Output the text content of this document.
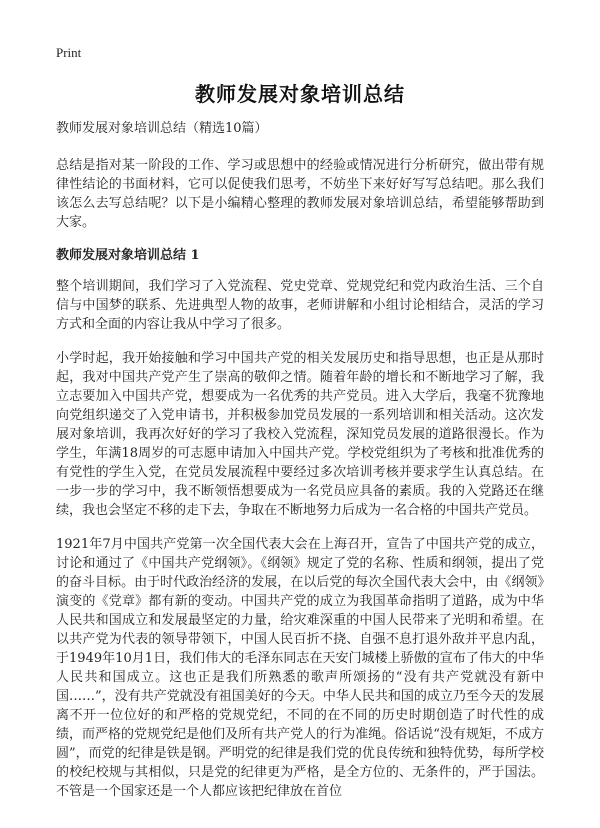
Print
教师发展对象培训总结
教师发展对象培训总结（精选10篇）

总结是指对某一阶段的工作、学习或思想中的经验或情况进行分析研究，做出带有规律性结论的书面材料，它可以促使我们思考，不妨坐下来好好写写总结吧。那么我们该怎么去写总结呢？以下是小编精心整理的教师发展对象培训总结，希望能够帮助到大家。

教师发展对象培训总结 1

整个培训期间，我们学习了入党流程、党史党章、党规党纪和党内政治生活、三个自信与中国梦的联系、先进典型人物的故事，老师讲解和小组讨论相结合，灵活的学习方式和全面的内容让我从中学习了很多。

小学时起，我开始接触和学习中国共产党的相关发展历史和指导思想，也正是从那时起，我对中国共产党产生了崇高的敬仰之情。随着年龄的增长和不断地学习了解，我立志要加入中国共产党，想要成为一名优秀的共产党员。进入大学后，我毫不犹豫地向党组织递交了入党申请书，并积极参加党员发展的一系列培训和相关活动。这次发展对象培训，我再次好好的学习了我校入党流程，深知党员发展的道路很漫长。作为学生，年满18周岁的可志愿申请加入中国共产党。学校党组织为了考核和批准优秀的有党性的学生入党，在党员发展流程中要经过多次培训考核并要求学生认真总结。在一步一步的学习中，我不断领悟想要成为一名党员应具备的素质。我的入党路还在继续，我也会坚定不移的走下去，争取在不断地努力后成为一名合格的中国共产党员。

1921年7月中国共产党第一次全国代表大会在上海召开，宣告了中国共产党的成立，讨论和通过了《中国共产党纲领》。《纲领》规定了党的名称、性质和纲领，提出了党的奋斗目标。由于时代政治经济的发展，在以后党的每次全国代表大会中，由《纲领》演变的《党章》都有新的变动。中国共产党的成立为我国革命指明了道路，成为中华人民共和国成立和发展最坚定的力量，给灾难深重的中国人民带来了光明和希望。在以共产党为代表的领导带领下，中国人民百折不挠、自强不息打退外敌并平息内乱，于1949年10月1日，我们伟大的毛泽东同志在天安门城楼上骄傲的宣布了伟大的中华人民共和国成立。这也正是我们所熟悉的歌声所颂扬的“没有共产党就没有新中国……”，没有共产党就没有祖国美好的今天。中华人民共和国的成立乃至今天的发展离不开一位位好的和严格的党规党纪，不同的在不同的历史时期创造了时代性的成绩，而严格的党规党纪是他们及所有共产党人的行为准绳。俗话说“没有规矩，不成方圆”，而党的纪律是铁是钢。严明党的纪律是我们党的优良传统和独特优势，每所学校的校纪校规与其相似，只是党的纪律更为严格，是全方位的、无条件的，严于国法。不管是一个国家还是一个人都应该把纪律放在首位
